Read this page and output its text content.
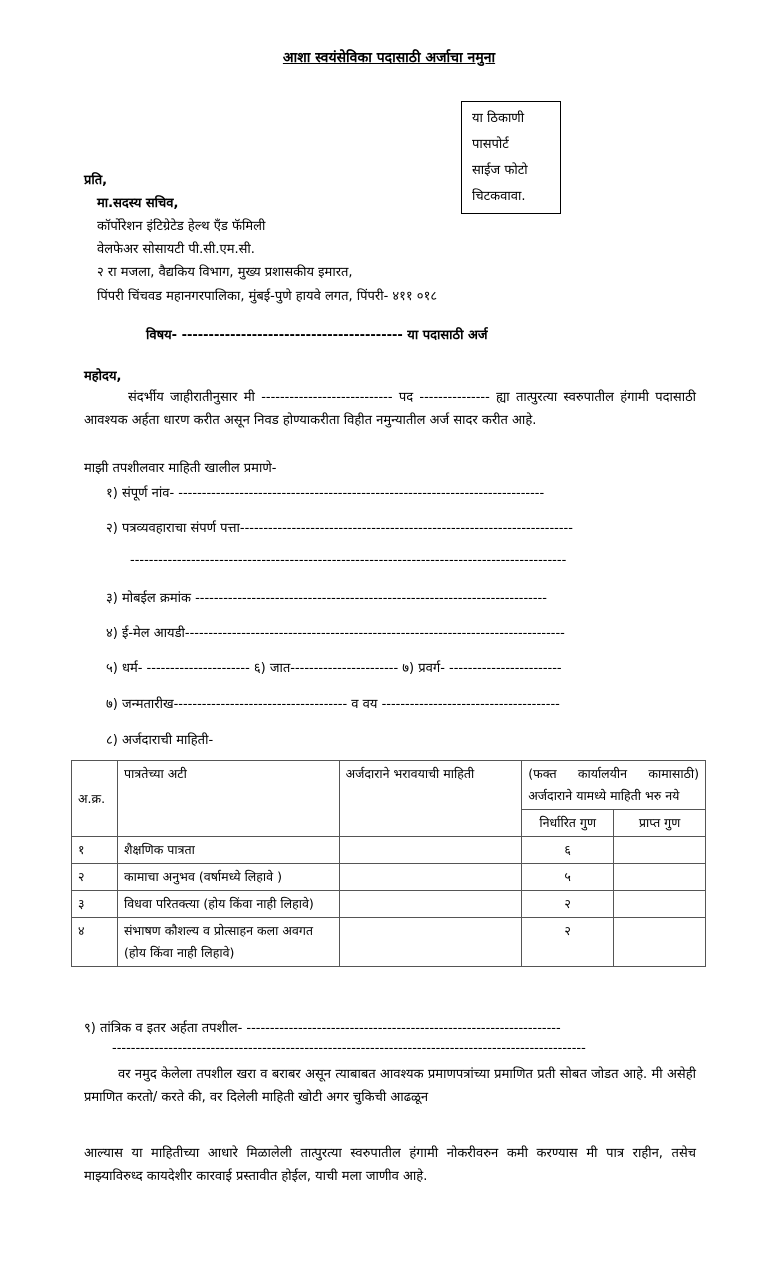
आशा स्वयंसेविका पदासाठी अर्जाचा नमुना
या ठिकाणी
पासपोर्ट
साईज फोटो
चिटकवावा.
प्रति,
मा.सदस्य सचिव,
कॉर्पोरेशन इंटिग्रेटेड हेल्थ ऍंड फॅमिली
वेलफेअर सोसायटी पी.सी.एम.सी.
२ रा मजला, वैद्यकिय विभाग, मुख्य प्रशासकीय इमारत,
पिंपरी चिंचवड महानगरपालिका, मुंबई-पुणे हायवे लगत, पिंपरी- ४११ ०१८
विषय- ----------------------------------------- या पदासाठी अर्ज
महोदय,
संदर्भीय जाहीरातीनुसार मी ---------------------------- पद --------------- ह्या तात्पुरत्या स्वरुपातील हंगामी पदासाठी आवश्यक अर्हता धारण करीत असून निवड होण्याकरीता विहीत नमुन्यातील अर्ज सादर करीत आहे.
माझी तपशीलवार माहिती खालील प्रमाणे-
१) संपूर्ण नांव- ------------------------------------------------------------------------------
२) पत्रव्यवहाराचा संपर्ण पत्ता-----------------------------------------------------------------------
---------------------------------------------------------------------------------------------
३) मोबईल क्रमांक ---------------------------------------------------------------------------
४) ई-मेल आयडी---------------------------------------------------------------------------------
५) धर्म- ---------------------- ६) जात----------------------- ७) प्रवर्ग- ------------------------
७) जन्मतारीख------------------------------------- व वय --------------------------------------
८) अर्जदाराची माहिती-
अ.क्र.	पात्रतेच्या अटी	अर्जदाराने भरावयाची माहिती	(फक्त कार्यालयीन कामासाठी) अर्जदाराने यामध्ये माहिती भरु नये	
			निर्धारित गुण	प्राप्त गुण
१	शैक्षणिक पात्रता		६	
२	कामाचा अनुभव (वर्षामध्ये लिहावे )		५	
३	विधवा परितक्त्या (होय किंवा नाही लिहावे)		२	
४	संभाषण कौशल्य व प्रोत्साहन कला अवगत (होय किंवा नाही लिहावे)		२	
९) तांत्रिक व इतर अर्हता तपशील- -------------------------------------------------------------------
-----------------------------------------------------------------------------------------------------
वर नमुद केलेला तपशील खरा व बराबर असून त्याबाबत आवश्यक प्रमाणपत्रांच्या प्रमाणित प्रती सोबत जोडत आहे. मी असेही प्रमाणित करतो/ करते की, वर दिलेली माहिती खोटी अगर चुकिची आढळून
आल्यास या माहितीच्या आधारे मिळालेली तात्पुरत्या स्वरुपातील हंगामी नोकरीवरुन कमी करण्यास मी पात्र राहीन, तसेच माझ्याविरुध्द कायदेशीर कारवाई प्रस्तावीत होईल, याची मला जाणीव आहे.
